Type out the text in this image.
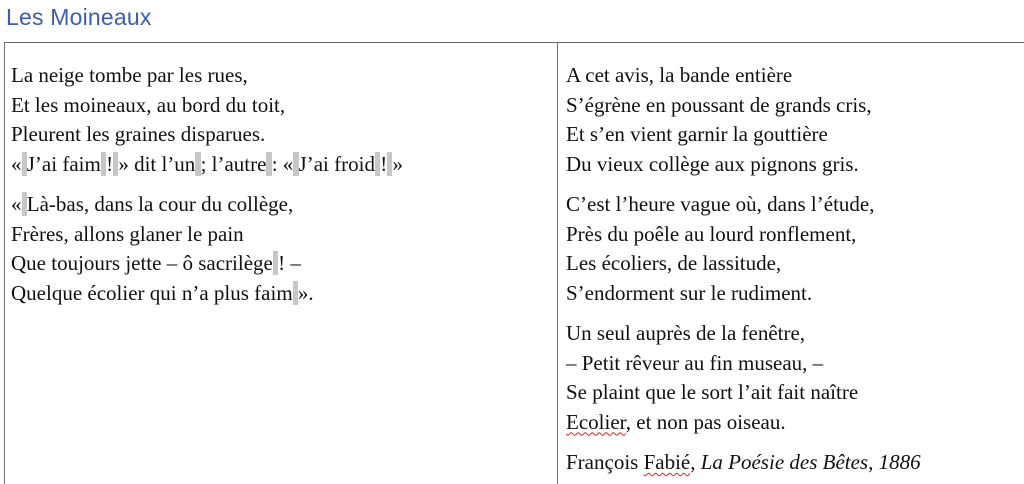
Les Moineaux
La neige tombe par les rues,
Et les moineaux, au bord du toit,
Pleurent les graines disparues.
« J’ai faim ! » dit l’un ; l’autre : « J’ai froid ! »
« Là-bas, dans la cour du collège,
Frères, allons glaner le pain
Que toujours jette – ô sacrilège ! –
Quelque écolier qui n’a plus faim ».
A cet avis, la bande entière
S’égrène en poussant de grands cris,
Et s’en vient garnir la gouttière
Du vieux collège aux pignons gris.
C’est l’heure vague où, dans l’étude,
Près du poêle au lourd ronflement,
Les écoliers, de lassitude,
S’endorment sur le rudiment.
Un seul auprès de la fenêtre,
– Petit rêveur au fin museau, –
Se plaint que le sort l’ait fait naître
Ecolier, et non pas oiseau.
François Fabié, La Poésie des Bêtes, 1886
